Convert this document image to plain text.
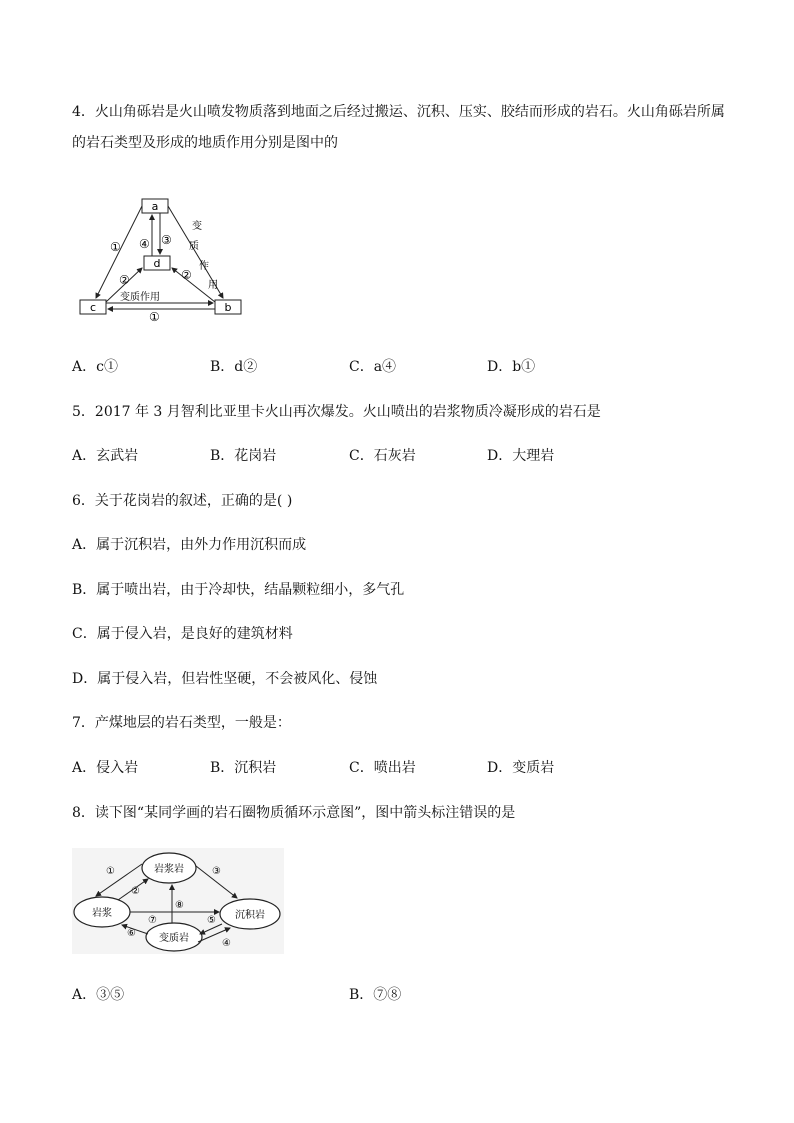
4．火山角砾岩是火山喷发物质落到地面之后经过搬运、沉积、压实、胶结而形成的岩石。火山角砾岩所属
的岩石类型及形成的地质作用分别是图中的
a
d
c	b
① ④ ③
②	②
变
质
作
用
变质作用
①
A．c①	B．d②	C．a④	D．b①
5．2017 年 3 月智利比亚里卡火山再次爆发。火山喷出的岩浆物质冷凝形成的岩石是
A．玄武岩	B．花岗岩	C．石灰岩	D．大理岩
6．关于花岗岩的叙述，正确的是( )
A．属于沉积岩，由外力作用沉积而成
B．属于喷出岩，由于冷却快，结晶颗粒细小，多气孔
C．属于侵入岩，是良好的建筑材料
D．属于侵入岩，但岩性坚硬，不会被风化、侵蚀
7．产煤地层的岩石类型，一般是：
A．侵入岩	B．沉积岩	C．喷出岩	D．变质岩
8．读下图“某同学画的岩石圈物质循环示意图”，图中箭头标注错误的是
岩浆岩
岩浆	沉积岩
变质岩
①
②
③
⑦
⑧
⑥
⑤
④
A．③⑤	B．⑦⑧
